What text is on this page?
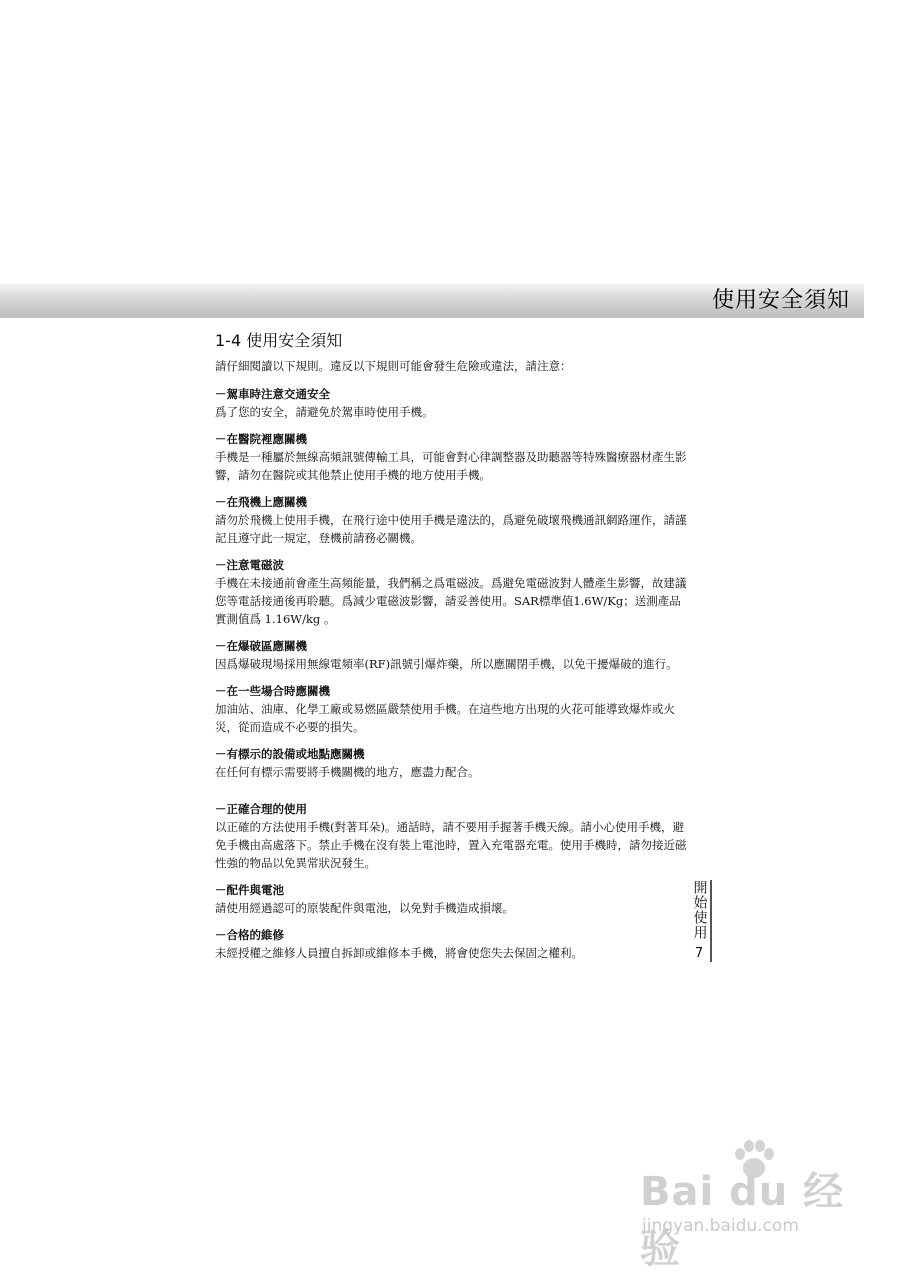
使用安全須知
1-4 使用安全須知

請仔細閱讀以下規則。違反以下規則可能會發生危險或違法，請注意：

－駕車時注意交通安全

爲了您的安全，請避免於駕車時使用手機。

－在醫院裡應關機

手機是一種屬於無線高頻訊號傳輸工具，可能會對心律調整器及助聽器等特殊醫療器材產生影響，請勿在醫院或其他禁止使用手機的地方使用手機。

－在飛機上應關機

請勿於飛機上使用手機，在飛行途中使用手機是違法的，爲避免破壞飛機通訊網路運作，請謹記且遵守此一規定，登機前請務必關機。

－注意電磁波

手機在未接通前會產生高頻能量，我們稱之爲電磁波。爲避免電磁波對人體產生影響，故建議您等電話接通後再聆聽。爲減少電磁波影響，請妥善使用。SAR標準值1.6W/Kg；送測產品實測值爲 1.16W/kg 。

－在爆破區應關機

因爲爆破現場採用無線電頻率(RF)訊號引爆炸藥，所以應關閉手機，以免干擾爆破的進行。

－在一些場合時應關機

加油站、油庫、化學工廠或易燃區嚴禁使用手機。在這些地方出現的火花可能導致爆炸或火災，從而造成不必要的損失。

－有標示的設備或地點應關機

在任何有標示需要將手機關機的地方，應盡力配合。

－正確合理的使用

以正確的方法使用手機(對著耳朵)。通話時，請不要用手握著手機天線。請小心使用手機，避免手機由高處落下。禁止手機在沒有裝上電池時，置入充電器充電。使用手機時，請勿接近磁性強的物品以免異常狀況發生。

－配件與電池

請使用經過認可的原裝配件與電池，以免對手機造成損壞。

－合格的維修

未經授權之維修人員擅自拆卸或維修本手機，將會使您失去保固之權利。

開始使用
7
Bai du 经验
jingyan.baidu.com
